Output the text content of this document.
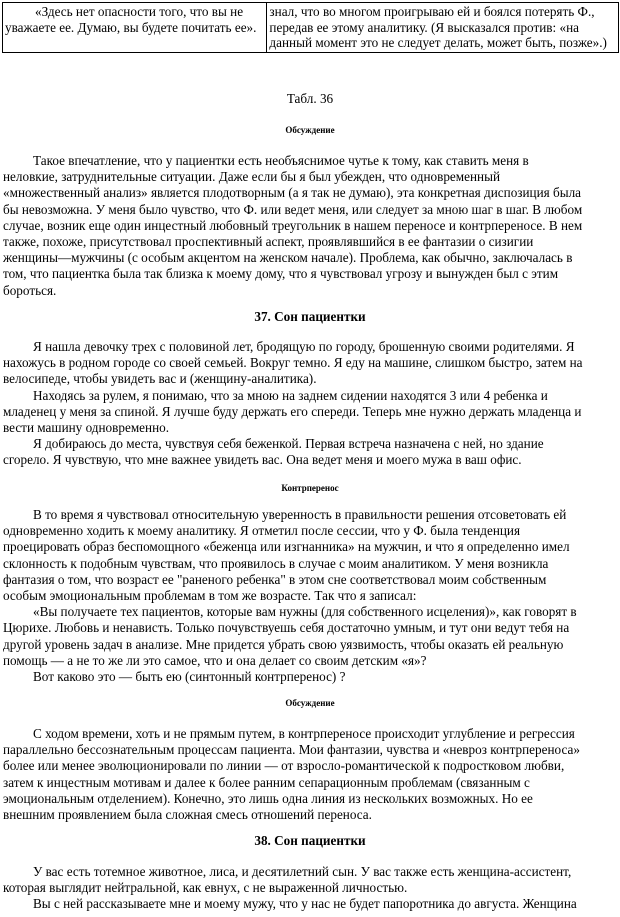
«Здесь нет опасности того, что вы не уважаете ее. Думаю, вы будете почитать ее».	знал, что во многом проигрываю ей и боялся потерять Ф., передав ее этому аналитику. (Я высказался против: «на данный момент это не следует делать, может быть, позже».)
Табл. 36
Обсуждение
Такое впечатление, что у пациентки есть необъяснимое чутье к тому, как ставить меня в
неловкие, затруднительные ситуации. Даже если бы я был убежден, что одновременный
«множественный анализ» является плодотворным (а я так не думаю), эта конкретная диспозиция была
бы невозможна. У меня было чувство, что Ф. или ведет меня, или следует за мною шаг в шаг. В любом
случае, возник еще один инцестный любовный треугольник в нашем переносе и контрпереносе. В нем
также, похоже, присутствовал проспективный аспект, проявлявшийся в ее фантазии о сизигии
женщины—мужчины (с особым акцентом на женском начале). Проблема, как обычно, заключалась в
том, что пациентка была так близка к моему дому, что я чувствовал угрозу и вынужден был с этим
бороться.
37. Сон пациентки
Я нашла девочку трех с половиной лет, бродящую по городу, брошенную своими родителями. Я
нахожусь в родном городе со своей семьей. Вокруг темно. Я еду на машине, слишком быстро, затем на
велосипеде, чтобы увидеть вас и (женщину-аналитика).
Находясь за рулем, я понимаю, что за мною на заднем сидении находятся 3 или 4 ребенка и
младенец у меня за спиной. Я лучше буду держать его спереди. Теперь мне нужно держать младенца и
вести машину одновременно.
Я добираюсь до места, чувствуя себя беженкой. Первая встреча назначена с ней, но здание
сгорело. Я чувствую, что мне важнее увидеть вас. Она ведет меня и моего мужа в ваш офис.
Контрперенос
В то время я чувствовал относительную уверенность в правильности решения отсоветовать ей
одновременно ходить к моему аналитику. Я отметил после сессии, что у Ф. была тенденция
проецировать образ беспомощного «беженца или изгнанника» на мужчин, и что я определенно имел
склонность к подобным чувствам, что проявилось в случае с моим аналитиком. У меня возникла
фантазия о том, что возраст ее "раненого ребенка" в этом сне соответствовал моим собственным
особым эмоциональным проблемам в том же возрасте. Так что я записал:
«Вы получаете тех пациентов, которые вам нужны (для собственного исцеления)», как говорят в
Цюрихе. Любовь и ненависть. Только почувствуешь себя достаточно умным, и тут они ведут тебя на
другой уровень задач в анализе. Мне придется убрать свою уязвимость, чтобы оказать ей реальную
помощь — а не то же ли это самое, что и она делает со своим детским «я»?
Вот каково это — быть ею (синтонный контрперенос) ?
Обсуждение
С ходом времени, хоть и не прямым путем, в контрпереносе происходит углубление и регрессия
параллельно бессознательным процессам пациента. Мои фантазии, чувства и «невроз контрпереноса»
более или менее эволюционировали по линии — от взросло-романтической к подростковом любви,
затем к инцестным мотивам и далее к более ранним сепарационным проблемам (связанным с
эмоциональным отделением). Конечно, это лишь одна линия из нескольких возможных. Но ее
внешним проявлением была сложная смесь отношений переноса.
38. Сон пациентки
У вас есть тотемное животное, лиса, и десятилетний сын. У вас также есть женщина-ассистент,
которая выглядит нейтральной, как евнух, с не выраженной личностью.
Вы с ней рассказываете мне и моему мужу, что у нас не будет папоротника до августа. Женщина
